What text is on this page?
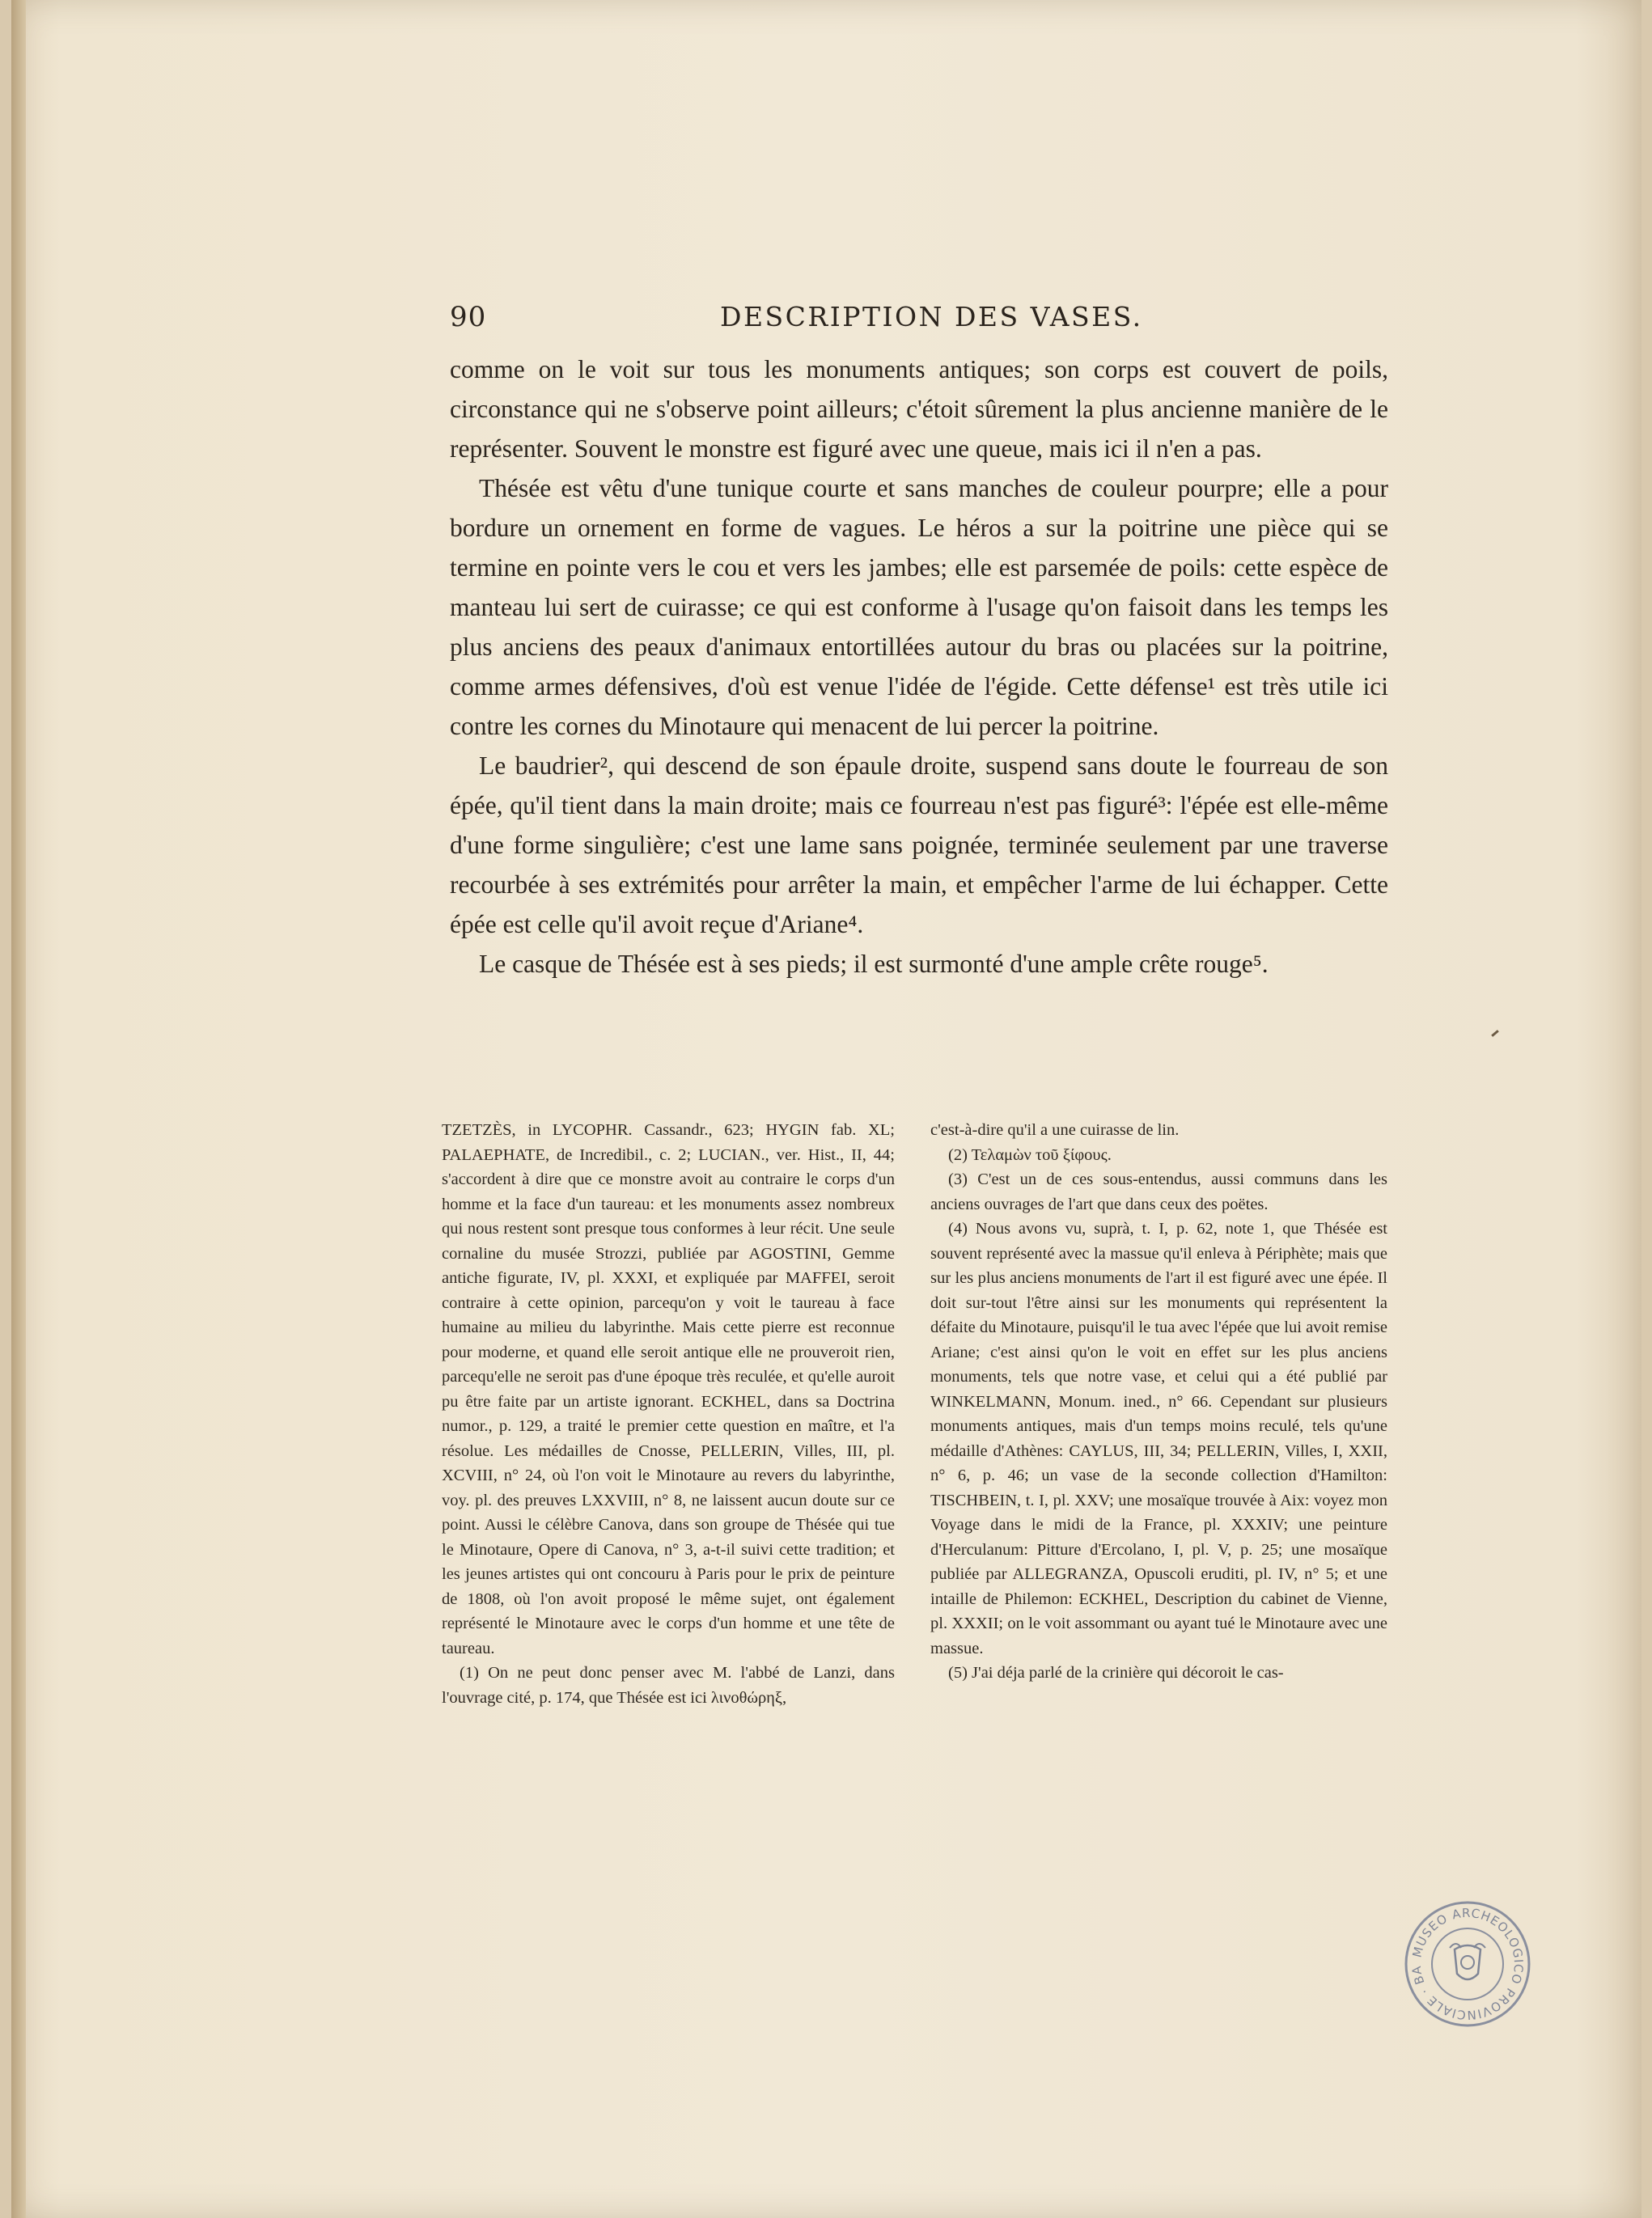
90	DESCRIPTION DES VASES.

comme on le voit sur tous les monuments antiques; son corps est couvert de poils, circonstance qui ne s'observe point ailleurs; c'étoit sûrement la plus ancienne manière de le représenter. Souvent le monstre est figuré avec une queue, mais ici il n'en a pas.

Thésée est vêtu d'une tunique courte et sans manches de couleur pourpre; elle a pour bordure un ornement en forme de vagues. Le héros a sur la poitrine une pièce qui se termine en pointe vers le cou et vers les jambes; elle est parsemée de poils: cette espèce de manteau lui sert de cuirasse; ce qui est conforme à l'usage qu'on faisoit dans les temps les plus anciens des peaux d'animaux entortillées autour du bras ou placées sur la poitrine, comme armes défensives, d'où est venue l'idée de l'égide. Cette défense¹ est très utile ici contre les cornes du Minotaure qui menacent de lui percer la poitrine.

Le baudrier², qui descend de son épaule droite, suspend sans doute le fourreau de son épée, qu'il tient dans la main droite; mais ce fourreau n'est pas figuré³: l'épée est elle-même d'une forme singulière; c'est une lame sans poignée, terminée seulement par une traverse recourbée à ses extrémités pour arrêter la main, et empêcher l'arme de lui échapper. Cette épée est celle qu'il avoit reçue d'Ariane⁴.

Le casque de Thésée est à ses pieds; il est surmonté d'une ample crête rouge⁵.

TZETZÈS, in LYCOPHR. Cassandr., 623; HYGIN fab. XL; PALAEPHATE, de Incredibil., c. 2; LUCIAN., ver. Hist., II, 44; s'accordent à dire que ce monstre avoit au contraire le corps d'un homme et la face d'un taureau: et les monuments assez nombreux qui nous restent sont presque tous conformes à leur récit. Une seule cornaline du musée Strozzi, publiée par AGOSTINI, Gemme antiche figurate, IV, pl. XXXI, et expliquée par MAFFEI, seroit contraire à cette opinion, parcequ'on y voit le taureau à face humaine au milieu du labyrinthe. Mais cette pierre est reconnue pour moderne, et quand elle seroit antique elle ne prouveroit rien, parcequ'elle ne seroit pas d'une époque très reculée, et qu'elle auroit pu être faite par un artiste ignorant. ECKHEL, dans sa Doctrina numor., p. 129, a traité le premier cette question en maître, et l'a résolue. Les médailles de Cnosse, PELLERIN, Villes, III, pl. XCVIII, n° 24, où l'on voit le Minotaure au revers du labyrinthe, voy. pl. des preuves LXXVIII, n° 8, ne laissent aucun doute sur ce point. Aussi le célèbre Canova, dans son groupe de Thésée qui tue le Minotaure, Opere di Canova, n° 3, a-t-il suivi cette tradition; et les jeunes artistes qui ont concouru à Paris pour le prix de peinture de 1808, où l'on avoit proposé le même sujet, ont également représenté le Minotaure avec le corps d'un homme et une tête de taureau.

(1) On ne peut donc penser avec M. l'abbé de Lanzi, dans l'ouvrage cité, p. 174, que Thésée est ici λινοθώρηξ,

c'est-à-dire qu'il a une cuirasse de lin.

(2) Τελαμὼν τοῦ ξίφους.

(3) C'est un de ces sous-entendus, aussi communs dans les anciens ouvrages de l'art que dans ceux des poëtes.

(4) Nous avons vu, suprà, t. I, p. 62, note 1, que Thésée est souvent représenté avec la massue qu'il enleva à Périphète; mais que sur les plus anciens monuments de l'art il est figuré avec une épée. Il doit sur-tout l'être ainsi sur les monuments qui représentent la défaite du Minotaure, puisqu'il le tua avec l'épée que lui avoit remise Ariane; c'est ainsi qu'on le voit en effet sur les plus anciens monuments, tels que notre vase, et celui qui a été publié par WINKELMANN, Monum. ined., n° 66. Cependant sur plusieurs monuments antiques, mais d'un temps moins reculé, tels qu'une médaille d'Athènes: CAYLUS, III, 34; PELLERIN, Villes, I, XXII, n° 6, p. 46; un vase de la seconde collection d'Hamilton: TISCHBEIN, t. I, pl. XXV; une mosaïque trouvée à Aix: voyez mon Voyage dans le midi de la France, pl. XXXIV; une peinture d'Herculanum: Pitture d'Ercolano, I, pl. V, p. 25; une mosaïque publiée par ALLEGRANZA, Opuscoli eruditi, pl. IV, n° 5; et une intaille de Philemon: ECKHEL, Description du cabinet de Vienne, pl. XXXII; on le voit assommant ou ayant tué le Minotaure avec une massue.

(5) J'ai déja parlé de la crinière qui décoroit le cas-

MUSEO ARCHEOLOGICO PROVINCIALE · BA
